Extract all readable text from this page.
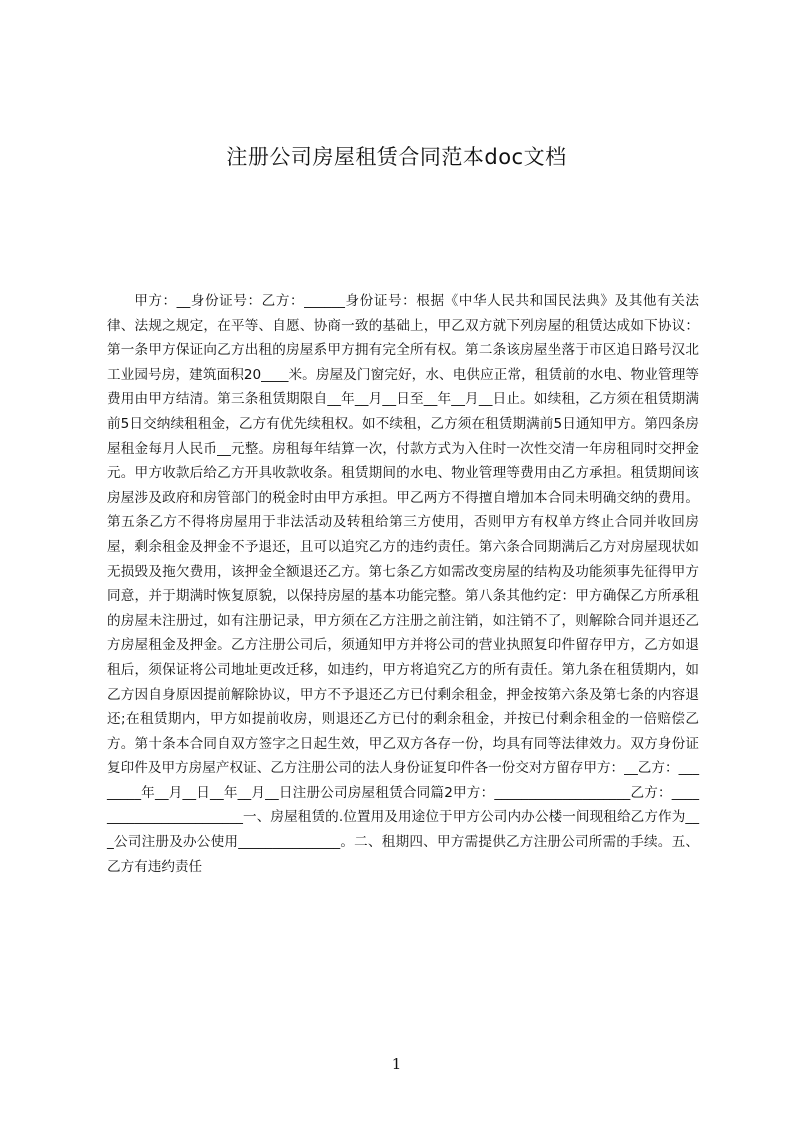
注册公司房屋租赁合同范本doc文档

甲方：__身份证号：乙方：______身份证号：根据《中华人民共和国民法典》及其他有关法律、法规之规定，在平等、自愿、协商一致的基础上，甲乙双方就下列房屋的租赁达成如下协议：第一条甲方保证向乙方出租的房屋系甲方拥有完全所有权。第二条该房屋坐落于市区追日路号汉北工业园号房，建筑面积20____米。房屋及门窗完好，水、电供应正常，租赁前的水电、物业管理等费用由甲方结清。第三条租赁期限自__年__月__日至__年__月__日止。如续租，乙方须在租赁期满前5日交纳续租租金，乙方有优先续租权。如不续租，乙方须在租赁期满前5日通知甲方。第四条房屋租金每月人民币__元整。房租每年结算一次，付款方式为入住时一次性交清一年房租同时交押金元。甲方收款后给乙方开具收款收条。租赁期间的水电、物业管理等费用由乙方承担。租赁期间该房屋涉及政府和房管部门的税金时由甲方承担。甲乙两方不得擅自增加本合同未明确交纳的费用。第五条乙方不得将房屋用于非法活动及转租给第三方使用，否则甲方有权单方终止合同并收回房屋，剩余租金及押金不予退还，且可以追究乙方的违约责任。第六条合同期满后乙方对房屋现状如无损毁及拖欠费用，该押金全额退还乙方。第七条乙方如需改变房屋的结构及功能须事先征得甲方同意，并于期满时恢复原貌，以保持房屋的基本功能完整。第八条其他约定：甲方确保乙方所承租的房屋未注册过，如有注册记录，甲方须在乙方注册之前注销，如注销不了，则解除合同并退还乙方房屋租金及押金。乙方注册公司后，须通知甲方并将公司的营业执照复印件留存甲方，乙方如退租后，须保证将公司地址更改迁移，如违约，甲方将追究乙方的所有责任。第九条在租赁期内，如乙方因自身原因提前解除协议，甲方不予退还乙方已付剩余租金，押金按第六条及第七条的内容退还;在租赁期内，甲方如提前收房，则退还乙方已付的剩余租金，并按已付剩余租金的一倍赔偿乙方。第十条本合同自双方签字之日起生效，甲乙双方各存一份，均具有同等法律效力。双方身份证复印件及甲方房屋产权证、乙方注册公司的法人身份证复印件各一份交对方留存甲方：__乙方：________年__月__日__年__月__日注册公司房屋租赁合同篇2甲方：____________________乙方：________________________一、房屋租赁的.位置用及用途位于甲方公司内办公楼一间现租给乙方作为___公司注册及办公使用_______________。二、租期四、甲方需提供乙方注册公司所需的手续。五、乙方有违约责任

1
